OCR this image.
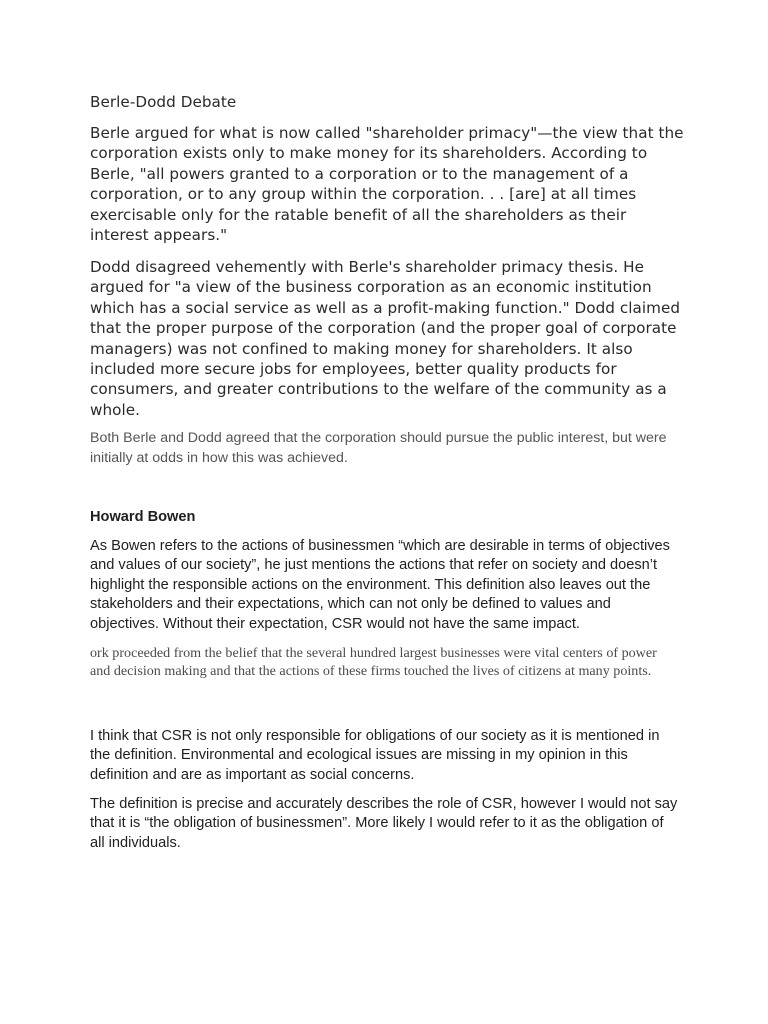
Berle-Dodd Debate

Berle argued for what is now called "shareholder primacy"—the view that the corporation exists only to make money for its shareholders. According to Berle, "all powers granted to a corporation or to the management of a corporation, or to any group within the corporation. . . [are] at all times exercisable only for the ratable benefit of all the shareholders as their interest appears."

Dodd disagreed vehemently with Berle's shareholder primacy thesis. He argued for "a view of the business corporation as an economic institution which has a social service as well as a profit-making function." Dodd claimed that the proper purpose of the corporation (and the proper goal of corporate managers) was not confined to making money for shareholders. It also included more secure jobs for employees, better quality products for consumers, and greater contributions to the welfare of the community as a whole.

Both Berle and Dodd agreed that the corporation should pursue the public interest, but were initially at odds in how this was achieved.

Howard Bowen

As Bowen refers to the actions of businessmen “which are desirable in terms of objectives and values of our society”, he just mentions the actions that refer on society and doesn’t highlight the responsible actions on the environment. This definition also leaves out the stakeholders and their expectations, which can not only be defined to values and objectives. Without their expectation, CSR would not have the same impact.

ork proceeded from the belief that the several hundred largest businesses were vital centers of power and decision making and that the actions of these firms touched the lives of citizens at many points.

I think that CSR is not only responsible for obligations of our society as it is mentioned in the definition. Environmental and ecological issues are missing in my opinion in this definition and are as important as social concerns.

The definition is precise and accurately describes the role of CSR, however I would not say that it is “the obligation of businessmen”. More likely I would refer to it as the obligation of all individuals.
